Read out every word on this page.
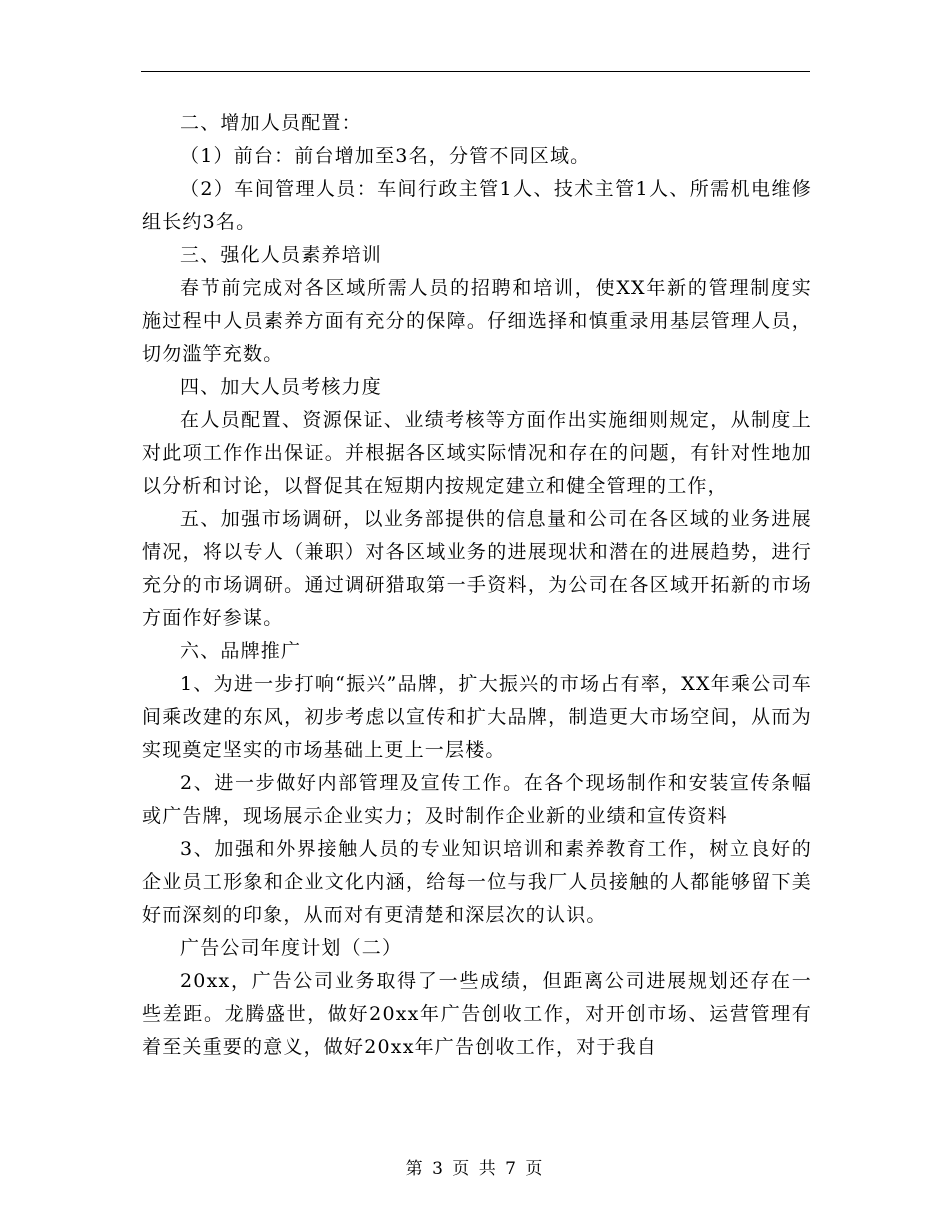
二、增加人员配置：

（1）前台：前台增加至3名，分管不同区域。

（2）车间管理人员：车间行政主管1人、技术主管1人、所需机电维修组长约3名。

三、强化人员素养培训

春节前完成对各区域所需人员的招聘和培训，使XX年新的管理制度实施过程中人员素养方面有充分的保障。仔细选择和慎重录用基层管理人员，切勿滥竽充数。

四、加大人员考核力度

在人员配置、资源保证、业绩考核等方面作出实施细则规定，从制度上对此项工作作出保证。并根据各区域实际情况和存在的问题，有针对性地加以分析和讨论，以督促其在短期内按规定建立和健全管理的工作，

五、加强市场调研，以业务部提供的信息量和公司在各区域的业务进展情况，将以专人（兼职）对各区域业务的进展现状和潜在的进展趋势，进行充分的市场调研。通过调研猎取第一手资料，为公司在各区域开拓新的市场方面作好参谋。

六、品牌推广

1、为进一步打响“振兴”品牌，扩大振兴的市场占有率，XX年乘公司车间乘改建的东风，初步考虑以宣传和扩大品牌，制造更大市场空间，从而为实现奠定坚实的市场基础上更上一层楼。

2、进一步做好内部管理及宣传工作。在各个现场制作和安装宣传条幅或广告牌，现场展示企业实力；及时制作企业新的业绩和宣传资料

3、加强和外界接触人员的专业知识培训和素养教育工作，树立良好的企业员工形象和企业文化内涵，给每一位与我厂人员接触的人都能够留下美好而深刻的印象，从而对有更清楚和深层次的认识。

广告公司年度计划（二）

20xx，广告公司业务取得了一些成绩，但距离公司进展规划还存在一些差距。龙腾盛世，做好20xx年广告创收工作，对开创市场、运营管理有着至关重要的意义，做好20xx年广告创收工作，对于我自

第 3 页 共 7 页
